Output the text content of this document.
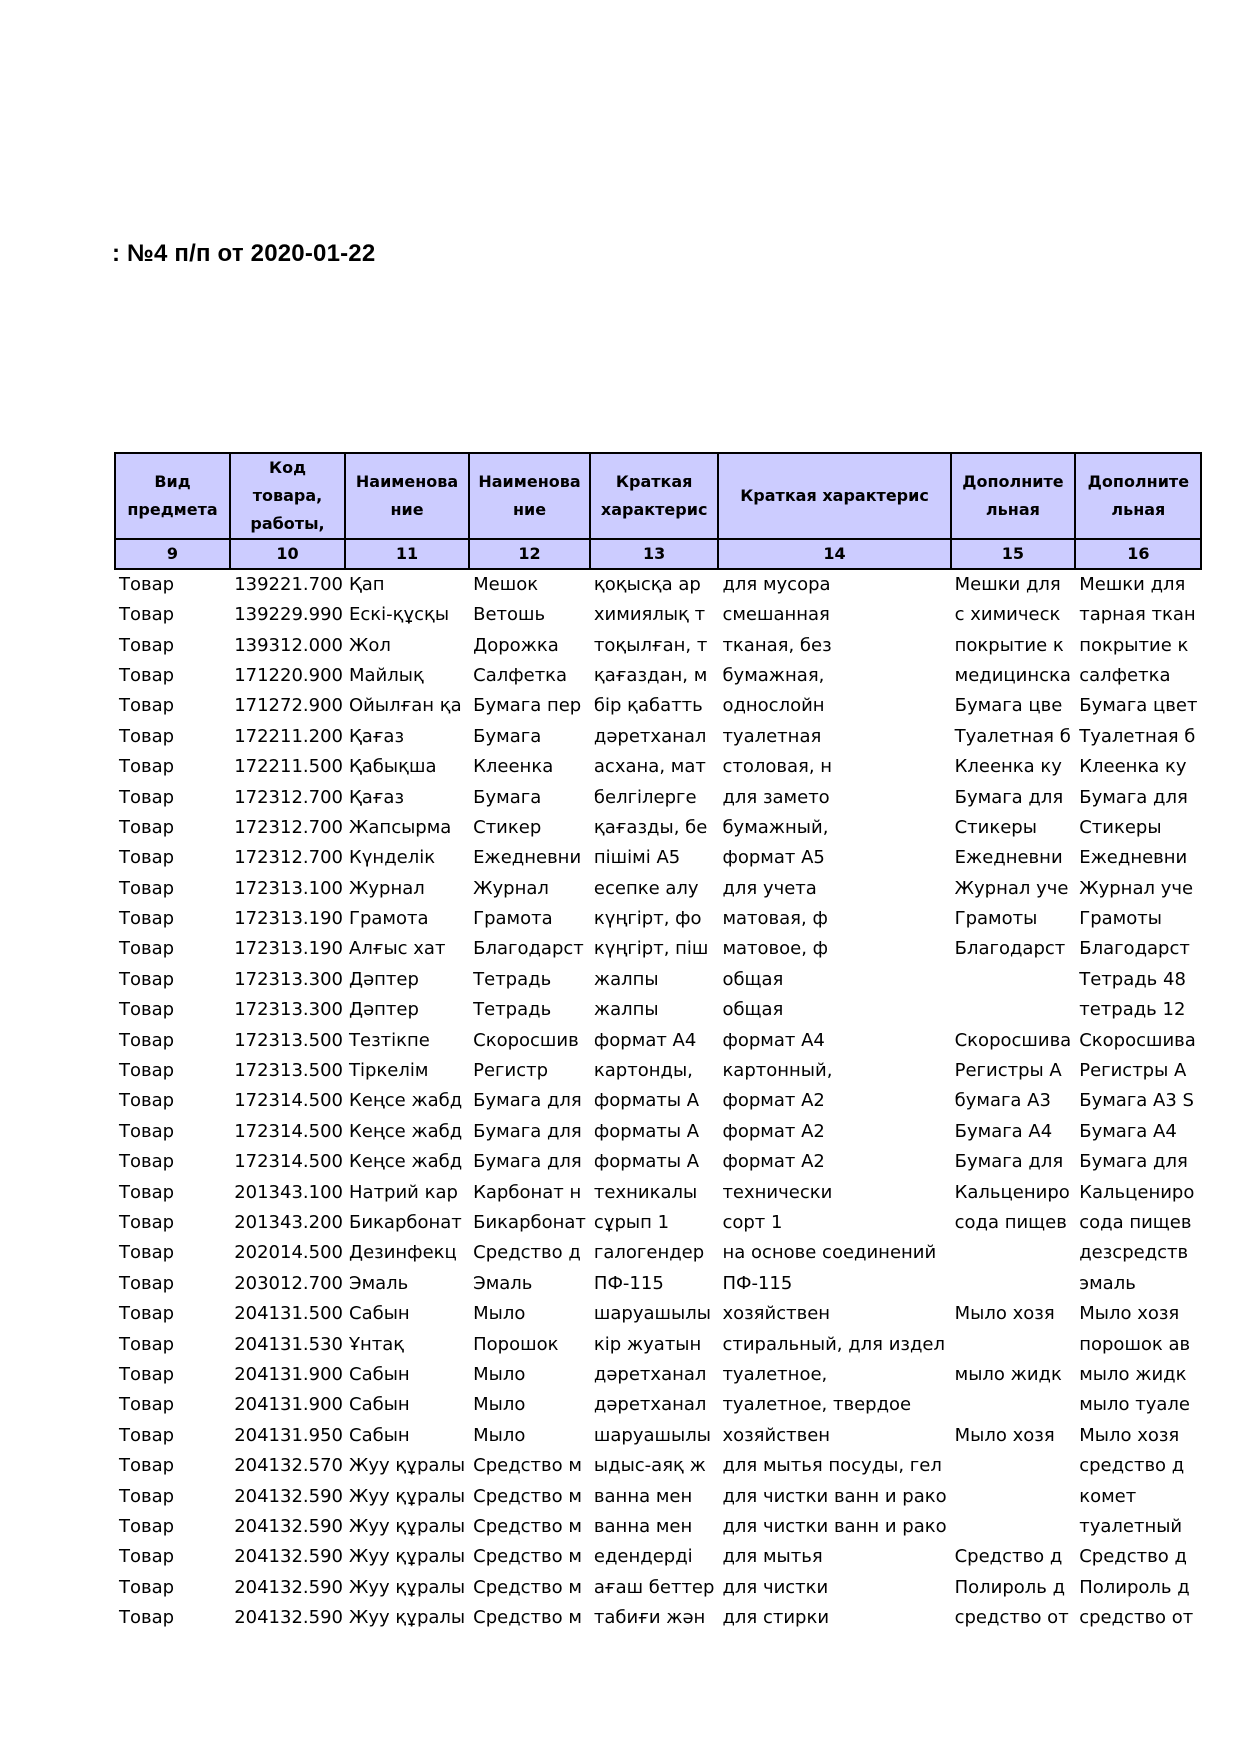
: №4 п/п от 2020-01-22
Вид предмета	Код товара, работы,	Наименова ние	Наименова ние	Краткая характерис	Краткая характерис	Дополните льная	Дополните льная
9	10	11	12	13	14	15	16
Товар	139221.700	Қап	Мешок	қоқысқа ар	для мусора	Мешки для	Мешки для
Товар	139229.990	Ескі-құсқы	Ветошь	химиялық т	смешанная	с химическ	тарная ткан
Товар	139312.000	Жол	Дорожка	тоқылған, т	тканая, без	покрытие к	покрытие к
Товар	171220.900	Майлық	Салфетка	қағаздан, м	бумажная,	медицинска	салфетка
Товар	171272.900	Ойылған қа	Бумага пер	бір қабатть	однослойн	Бумага цве	Бумага цвет
Товар	172211.200	Қағаз	Бумага	дәретханал	туалетная	Туалетная б	Туалетная б
Товар	172211.500	Қабықша	Клеенка	асхана, мат	столовая, н	Клеенка ку	Клеенка ку
Товар	172312.700	Қағаз	Бумага	белгілерге	для замето	Бумага для	Бумага для
Товар	172312.700	Жапсырма	Стикер	қағазды, бе	бумажный,	Стикеры	Стикеры
Товар	172312.700	Күнделік	Ежедневни	пішімі А5	формат А5	Ежедневни	Ежедневни
Товар	172313.100	Журнал	Журнал	есепке алу	для учета	Журнал уче	Журнал уче
Товар	172313.190	Грамота	Грамота	күңгірт, фо	матовая, ф	Грамоты	Грамоты
Товар	172313.190	Алғыс хат	Благодарст	күңгірт, піш	матовое, ф	Благодарст	Благодарст
Товар	172313.300	Дәптер	Тетрадь	жалпы	общая		Тетрадь 48
Товар	172313.300	Дәптер	Тетрадь	жалпы	общая		тетрадь 12
Товар	172313.500	Тезтікпе	Скоросшив	формат А4	формат А4	Скоросшива	Скоросшива
Товар	172313.500	Тіркелім	Регистр	картонды,	картонный,	Регистры А	Регистры А
Товар	172314.500	Кеңсе жабд	Бумага для	форматы А	формат А2	бумага А3	Бумага А3 S
Товар	172314.500	Кеңсе жабд	Бумага для	форматы А	формат А2	Бумага А4	Бумага А4
Товар	172314.500	Кеңсе жабд	Бумага для	форматы А	формат А2	Бумага для	Бумага для
Товар	201343.100	Натрий кар	Карбонат н	техникалы	технически	Кальцениро	Кальцениро
Товар	201343.200	Бикарбонат	Бикарбонат	сұрып 1	сорт 1	сода пищев	сода пищев
Товар	202014.500	Дезинфекц	Средство д	галогендер	на основе соединений		дезсредств
Товар	203012.700	Эмаль	Эмаль	ПФ-115	ПФ-115		эмаль
Товар	204131.500	Сабын	Мыло	шаруашылы	хозяйствен	Мыло хозя	Мыло хозя
Товар	204131.530	Ұнтақ	Порошок	кір жуатын	стиральный, для издел		порошок ав
Товар	204131.900	Сабын	Мыло	дәретханал	туалетное,	мыло жидк	мыло жидк
Товар	204131.900	Сабын	Мыло	дәретханал	туалетное, твердое		мыло туале
Товар	204131.950	Сабын	Мыло	шаруашылы	хозяйствен	Мыло хозя	Мыло хозя
Товар	204132.570	Жуу құралы	Средство м	ыдыс-аяқ ж	для мытья посуды, гел		средство д
Товар	204132.590	Жуу құралы	Средство м	ванна мен	для чистки ванн и рако		комет
Товар	204132.590	Жуу құралы	Средство м	ванна мен	для чистки ванн и рако		туалетный
Товар	204132.590	Жуу құралы	Средство м	едендерді	для мытья	Средство д	Средство д
Товар	204132.590	Жуу құралы	Средство м	ағаш беттер	для чистки	Полироль д	Полироль д
Товар	204132.590	Жуу құралы	Средство м	табиғи жән	для стирки	средство от	средство от
